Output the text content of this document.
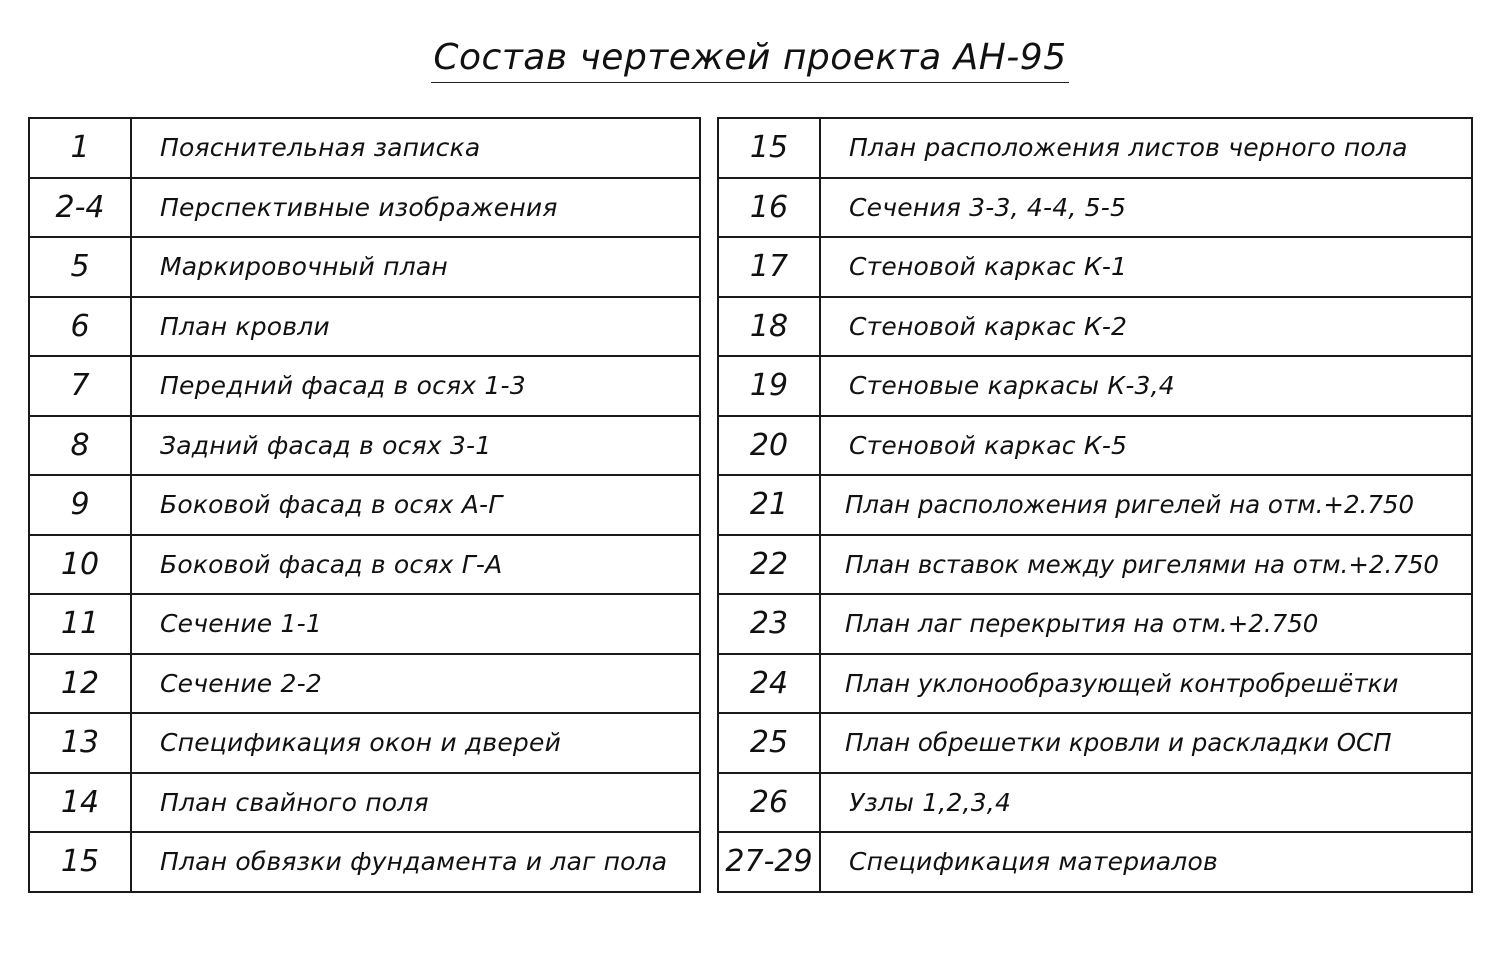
Состав чертежей проекта АН-95
1	Пояснительная записка
2-4	Перспективные изображения
5	Маркировочный план
6	План кровли
7	Передний фасад в осях 1-3
8	Задний фасад в осях 3-1
9	Боковой фасад в осях А-Г
10	Боковой фасад в осях Г-А
11	Сечение 1-1
12	Сечение 2-2
13	Спецификация окон и дверей
14	План свайного поля
15	План обвязки фундамента и лаг пола
15	План расположения листов черного пола
16	Сечения 3-3, 4-4, 5-5
17	Стеновой каркас К-1
18	Стеновой каркас К-2
19	Стеновые каркасы К-3,4
20	Стеновой каркас К-5
21	План расположения ригелей на отм.+2.750
22	План вставок между ригелями на отм.+2.750
23	План лаг перекрытия на отм.+2.750
24	План уклонообразующей контробрешётки
25	План обрешетки кровли и раскладки ОСП
26	Узлы 1,2,3,4
27-29	Спецификация материалов
